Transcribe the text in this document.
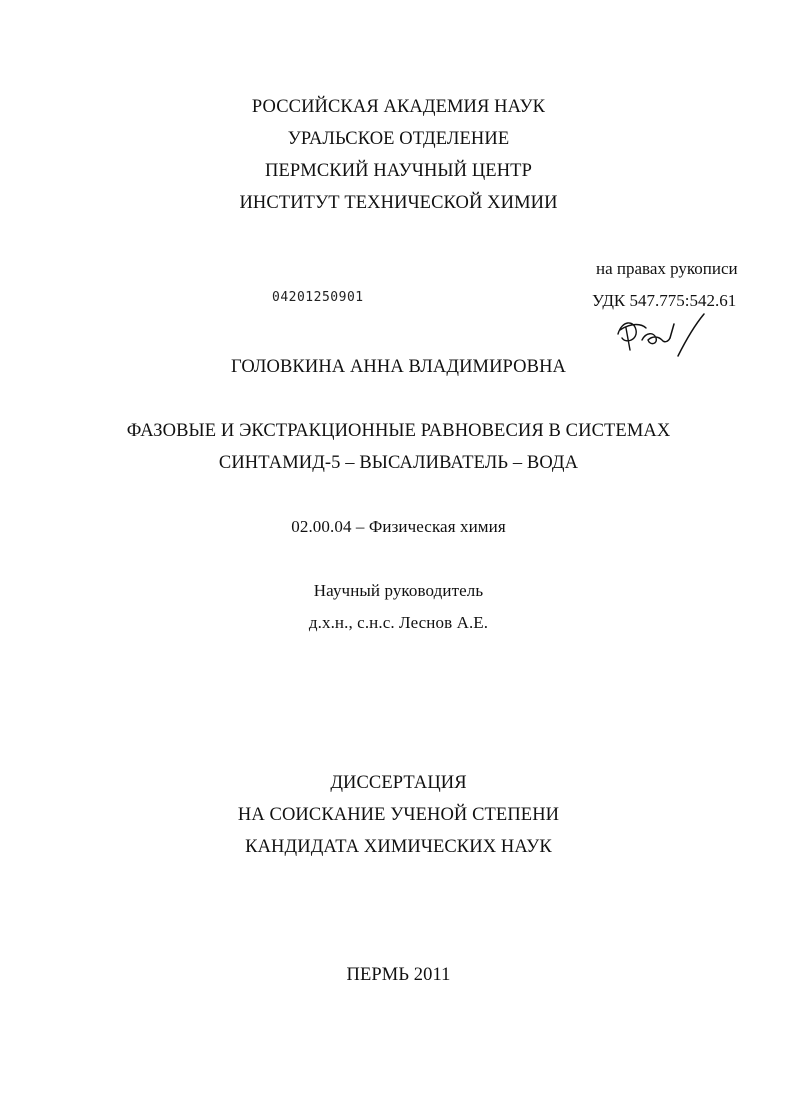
РОССИЙСКАЯ АКАДЕМИЯ НАУК
УРАЛЬСКОЕ ОТДЕЛЕНИЕ
ПЕРМСКИЙ НАУЧНЫЙ ЦЕНТР
ИНСТИТУТ ТЕХНИЧЕСКОЙ ХИМИИ
на правах рукописи
УДК 547.775:542.61
04201250901
ГОЛОВКИНА АННА ВЛАДИМИРОВНА
ФАЗОВЫЕ И ЭКСТРАКЦИОННЫЕ РАВНОВЕСИЯ В СИСТЕМАХ
СИНТАМИД-5 – ВЫСАЛИВАТЕЛЬ – ВОДА
02.00.04 – Физическая химия
Научный руководитель
д.х.н., с.н.с. Леснов А.Е.
ДИССЕРТАЦИЯ
НА СОИСКАНИЕ УЧЕНОЙ СТЕПЕНИ
КАНДИДАТА ХИМИЧЕСКИХ НАУК
ПЕРМЬ 2011
